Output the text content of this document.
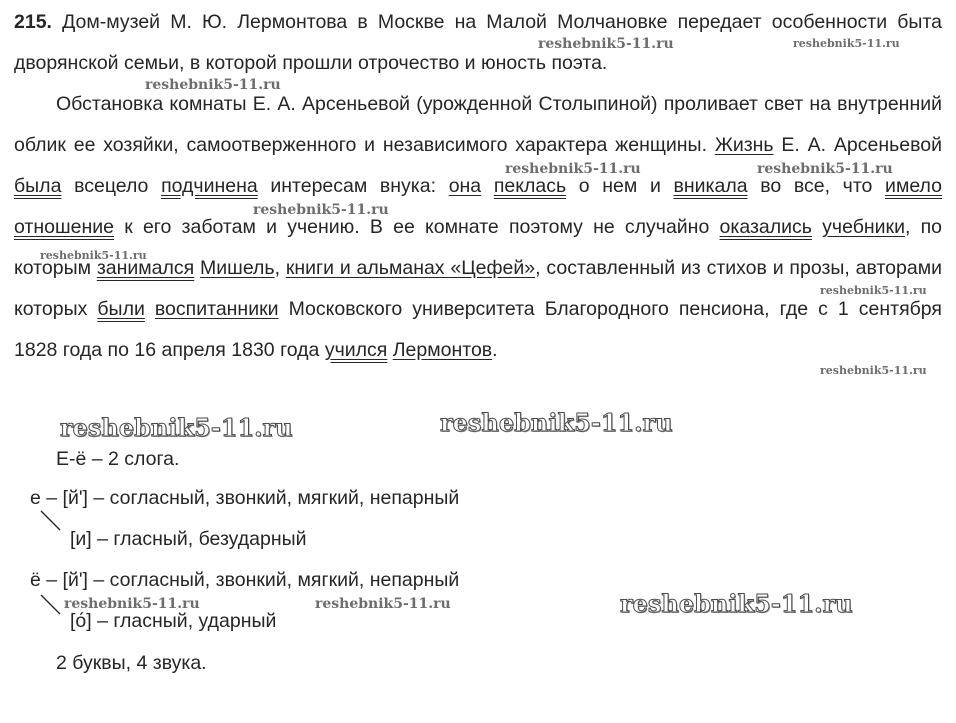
215. Дом-музей М. Ю. Лермонтова в Москве на Малой Молчановке передает особенности быта дворянской семьи, в которой прошли отрочество и юность поэта.
Обстановка комнаты Е. А. Арсеньевой (урожденной Столыпиной) проливает свет на внутренний облик ее хозяйки, самоотверженного и независимого характера женщины. Жизнь Е. А. Арсеньевой была всецело подчинена интересам внука: она пеклась о нем и вникала во все, что имело отношение к его заботам и учению. В ее комнате поэтому не случайно оказались учебники, по которым занимался Мишель, книги и альманах «Цефей», составленный из стихов и прозы, авторами которых были воспитанники Московского университета Благородного пенсиона, где с 1 сентября 1828 года по 16 апреля 1830 года учился Лермонтов.
Е-ё – 2 слога.
е – [й'] – согласный, звонкий, мягкий, непарный
[и] – гласный, безударный
ё – [й'] – согласный, звонкий, мягкий, непарный
[о́] – гласный, ударный
2 буквы, 4 звука.
reshebnik5-11.ru	reshebnik5-11.ru
reshebnik5-11.ru
reshebnik5-11.ru	reshebnik5-11.ru
reshebnik5-11.ru
reshebnik5-11.ru
reshebnik5-11.ru
reshebnik5-11.ru
reshebnik5-11.ru	reshebnik5-11.ru
reshebnik5-11.ru	reshebnik5-11.ru	reshebnik5-11.ru
